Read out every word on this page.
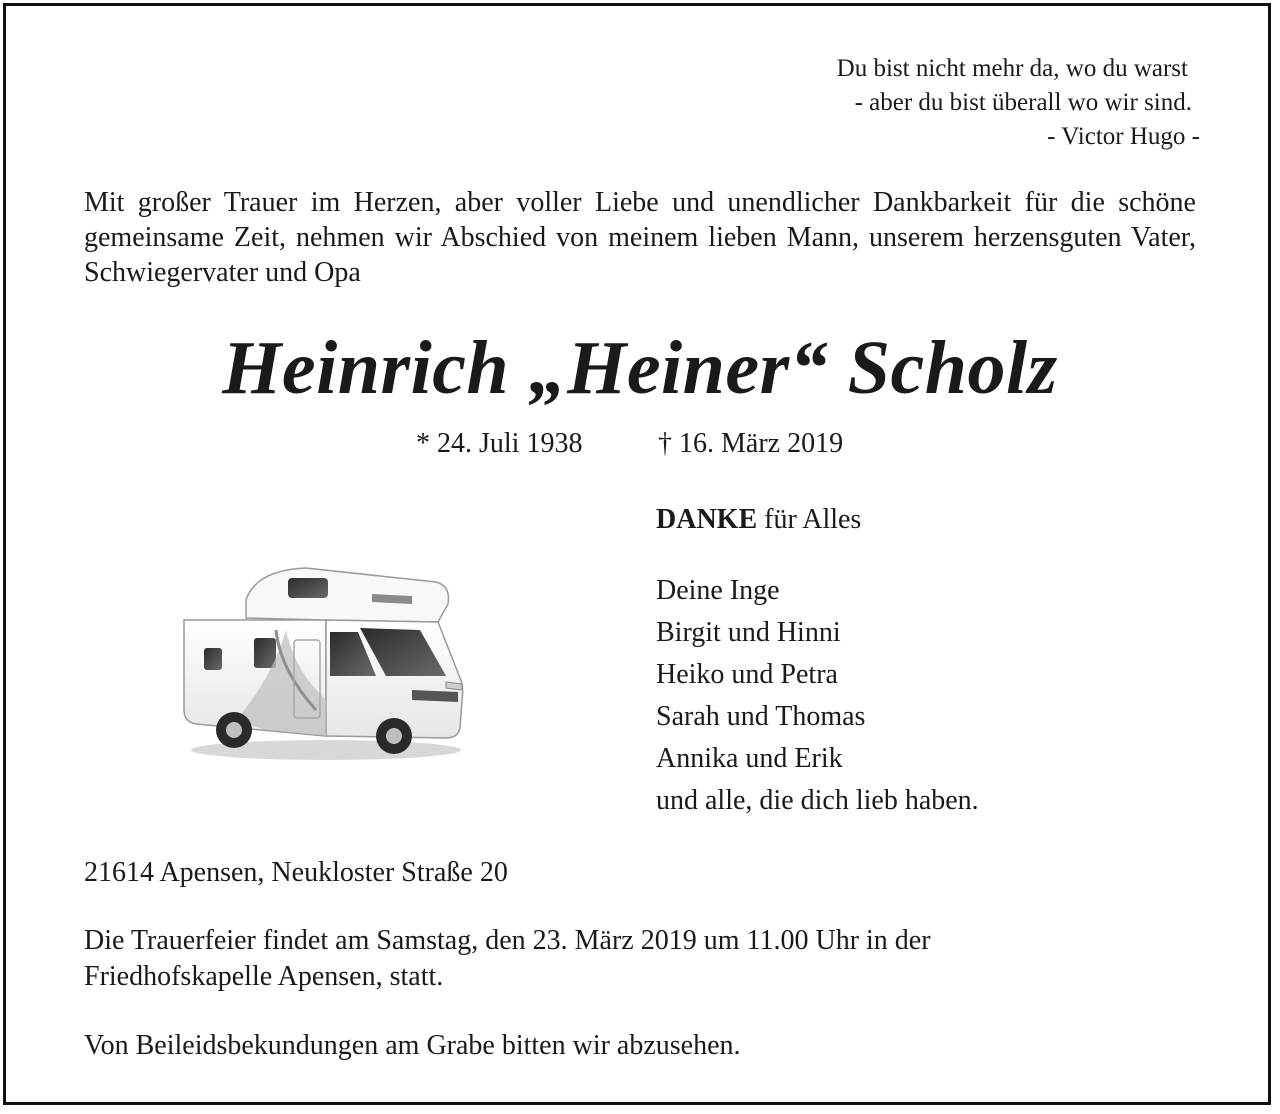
Du bist nicht mehr da, wo du warst
- aber du bist überall wo wir sind.
- Victor Hugo -
Mit großer Trauer im Herzen, aber voller Liebe und unendlicher Dankbarkeit für die schöne gemeinsame Zeit, nehmen wir Abschied von meinem lieben Mann, unserem herzensguten Vater, Schwiegervater und Opa
Heinrich „Heiner“ Scholz
* 24. Juli 1938	† 16. März 2019
DANKE für Alles
Deine Inge
Birgit und Hinni
Heiko und Petra
Sarah und Thomas
Annika und Erik
und alle, die dich lieb haben.
21614 Apensen, Neukloster Straße 20
Die Trauerfeier findet am Samstag, den 23. März 2019 um 11.00 Uhr in der Friedhofskapelle Apensen, statt.
Von Beileidsbekundungen am Grabe bitten wir abzusehen.
